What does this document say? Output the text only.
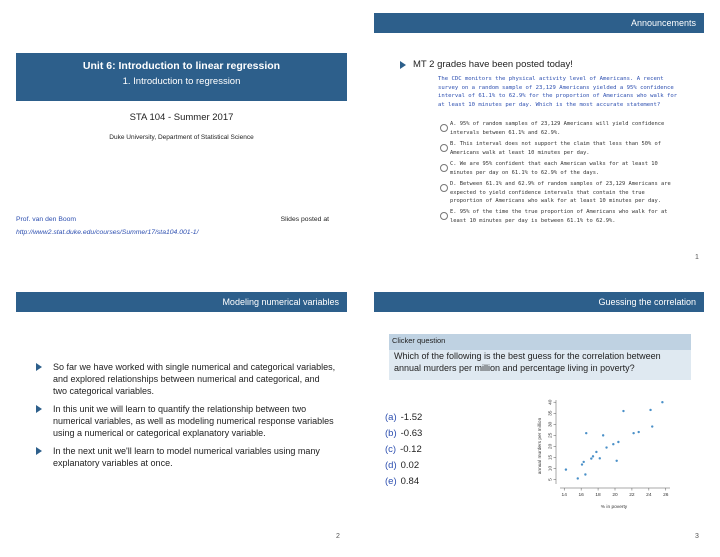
Unit 6: Introduction to linear regression
1. Introduction to regression
STA 104 - Summer 2017
Duke University, Department of Statistical Science
Prof. van den Boom	Slides posted at
http://www2.stat.duke.edu/courses/Summer17/sta104.001-1/
Announcements
MT 2 grades have been posted today!
The CDC monitors the physical activity level of Americans. A recent survey on a random sample of 23,129 Americans yielded a 95% confidence interval of 61.1% to 62.9% for the proportion of Americans who walk for at least 10 minutes per day. Which is the most accurate statement?
A. 95% of random samples of 23,129 Americans will yield confidence intervals between 61.1% and 62.9%.
B. This interval does not support the claim that less than 50% of Americans walk at least 10 minutes per day.
C. We are 95% confident that each American walks for at least 10 minutes per day on 61.1% to 62.9% of the days.
D. Between 61.1% and 62.9% of random samples of 23,129 Americans are expected to yield confidence intervals that contain the true proportion of Americans who walk for at least 10 minutes per day.
E. 95% of the time the true proportion of Americans who walk for at least 10 minutes per day is between 61.1% to 62.9%.
1
Modeling numerical variables
So far we have worked with single numerical and categorical variables, and explored relationships between numerical and categorical, and two categorical variables.
In this unit we will learn to quantify the relationship between two numerical variables, as well as modeling numerical response variables using a numerical or categorical explanatory variable.
In the next unit we'll learn to model numerical variables using many explanatory variables at once.
2
Guessing the correlation
Clicker question
Which of the following is the best guess for the correlation between annual murders per million and percentage living in poverty?
(a) -1.52
(b) -0.63
(c) -0.12
(d) 0.02
(e) 0.84
14 16 18 20 22 24 26
5
10
15
20
25
30
35
40
annual murders per million
% in poverty
3
